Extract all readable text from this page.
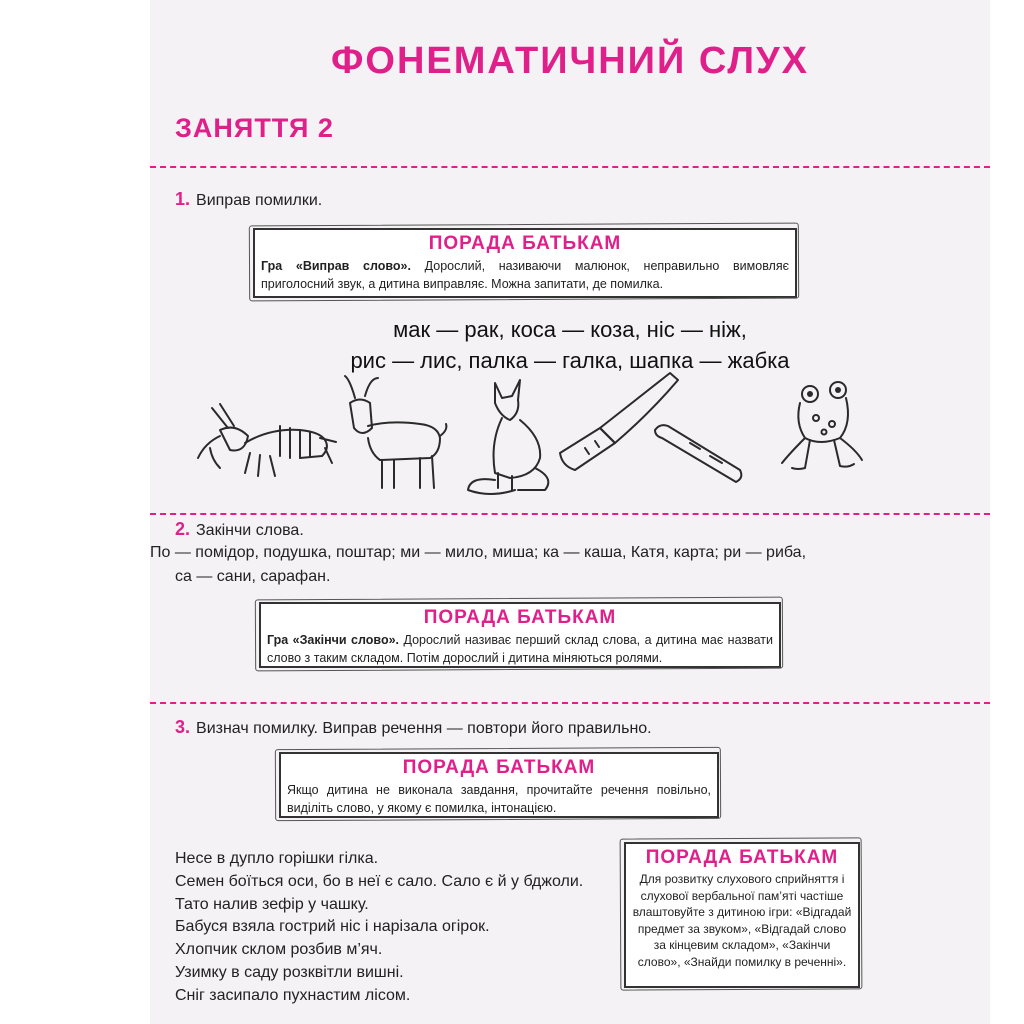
ФОНЕМАТИЧНИЙ СЛУХ
ЗАНЯТТЯ 2
1. Виправ помилки.
ПОРАДА БАТЬКАМ
Гра «Виправ слово». Дорослий, називаючи малюнок, неправильно вимовляє приголосний звук, а дитина виправляє. Можна запитати, де помилка.
мак — рак, коса — коза, ніс — ніж,
рис — лис, палка — галка, шапка — жабка
2. Закінчи слова.
По — помідор, подушка, поштар; ми — мило, миша; ка — каша, Катя, карта; ри — риба,
са — сани, сарафан.
ПОРАДА БАТЬКАМ
Гра «Закінчи слово». Дорослий називає перший склад слова, а дитина має назвати слово з таким складом. Потім дорослий і дитина міняються ролями.
3. Визнач помилку. Виправ речення — повтори його правильно.
ПОРАДА БАТЬКАМ
Якщо дитина не виконала завдання, прочитайте речення повільно, виділіть слово, у якому є помилка, інтонацією.
Несе в дупло горішки гілка.
Семен боїться оси, бо в неї є сало. Сало є й у бджоли.
Тато налив зефір у чашку.
Бабуся взяла гострий ніс і нарізала огірок.
Хлопчик склом розбив м’яч.
Узимку в саду розквітли вишні.
Сніг засипало пухнастим лісом.
ПОРАДА БАТЬКАМ
Для розвитку слухового сприйняття і слухової вербальної пам’яті частіше влаштовуйте з дитиною ігри: «Відгадай предмет за звуком», «Відгадай слово за кінцевим складом», «Закінчи слово», «Знайди помилку в реченні».
